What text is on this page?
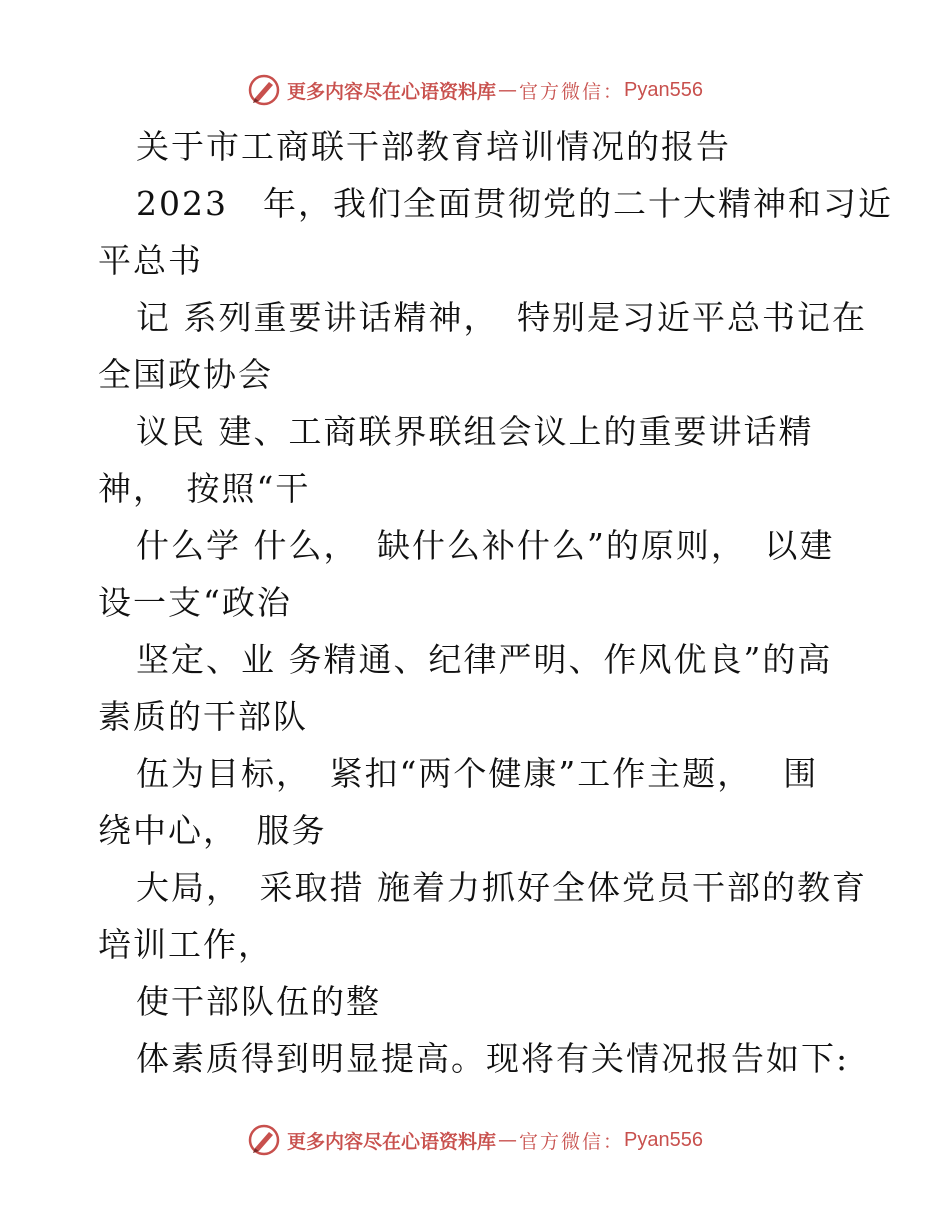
更多内容尽在心语资料库 — 官方微信： Pyan556
关于市工商联干部教育培训情况的报告
2023　年，我们全面贯彻党的二十大精神和习近
平总书
记 系列重要讲话精神，　特别是习近平总书记在
全国政协会
议民 建、工商联界联组会议上的重要讲话精
神，　按照“干
什么学 什么，　缺什么补什么”的原则，　以建
设一支“政治
坚定、业 务精通、纪律严明、作风优良”的高
素质的干部队
伍为目标，　紧扣“两个健康”工作主题，　 围
绕中心，　服务
大局，　采取措 施着力抓好全体党员干部的教育
培训工作，
使干部队伍的整
体素质得到明显提高。现将有关情况报告如下:
更多内容尽在心语资料库 — 官方微信： Pyan556
